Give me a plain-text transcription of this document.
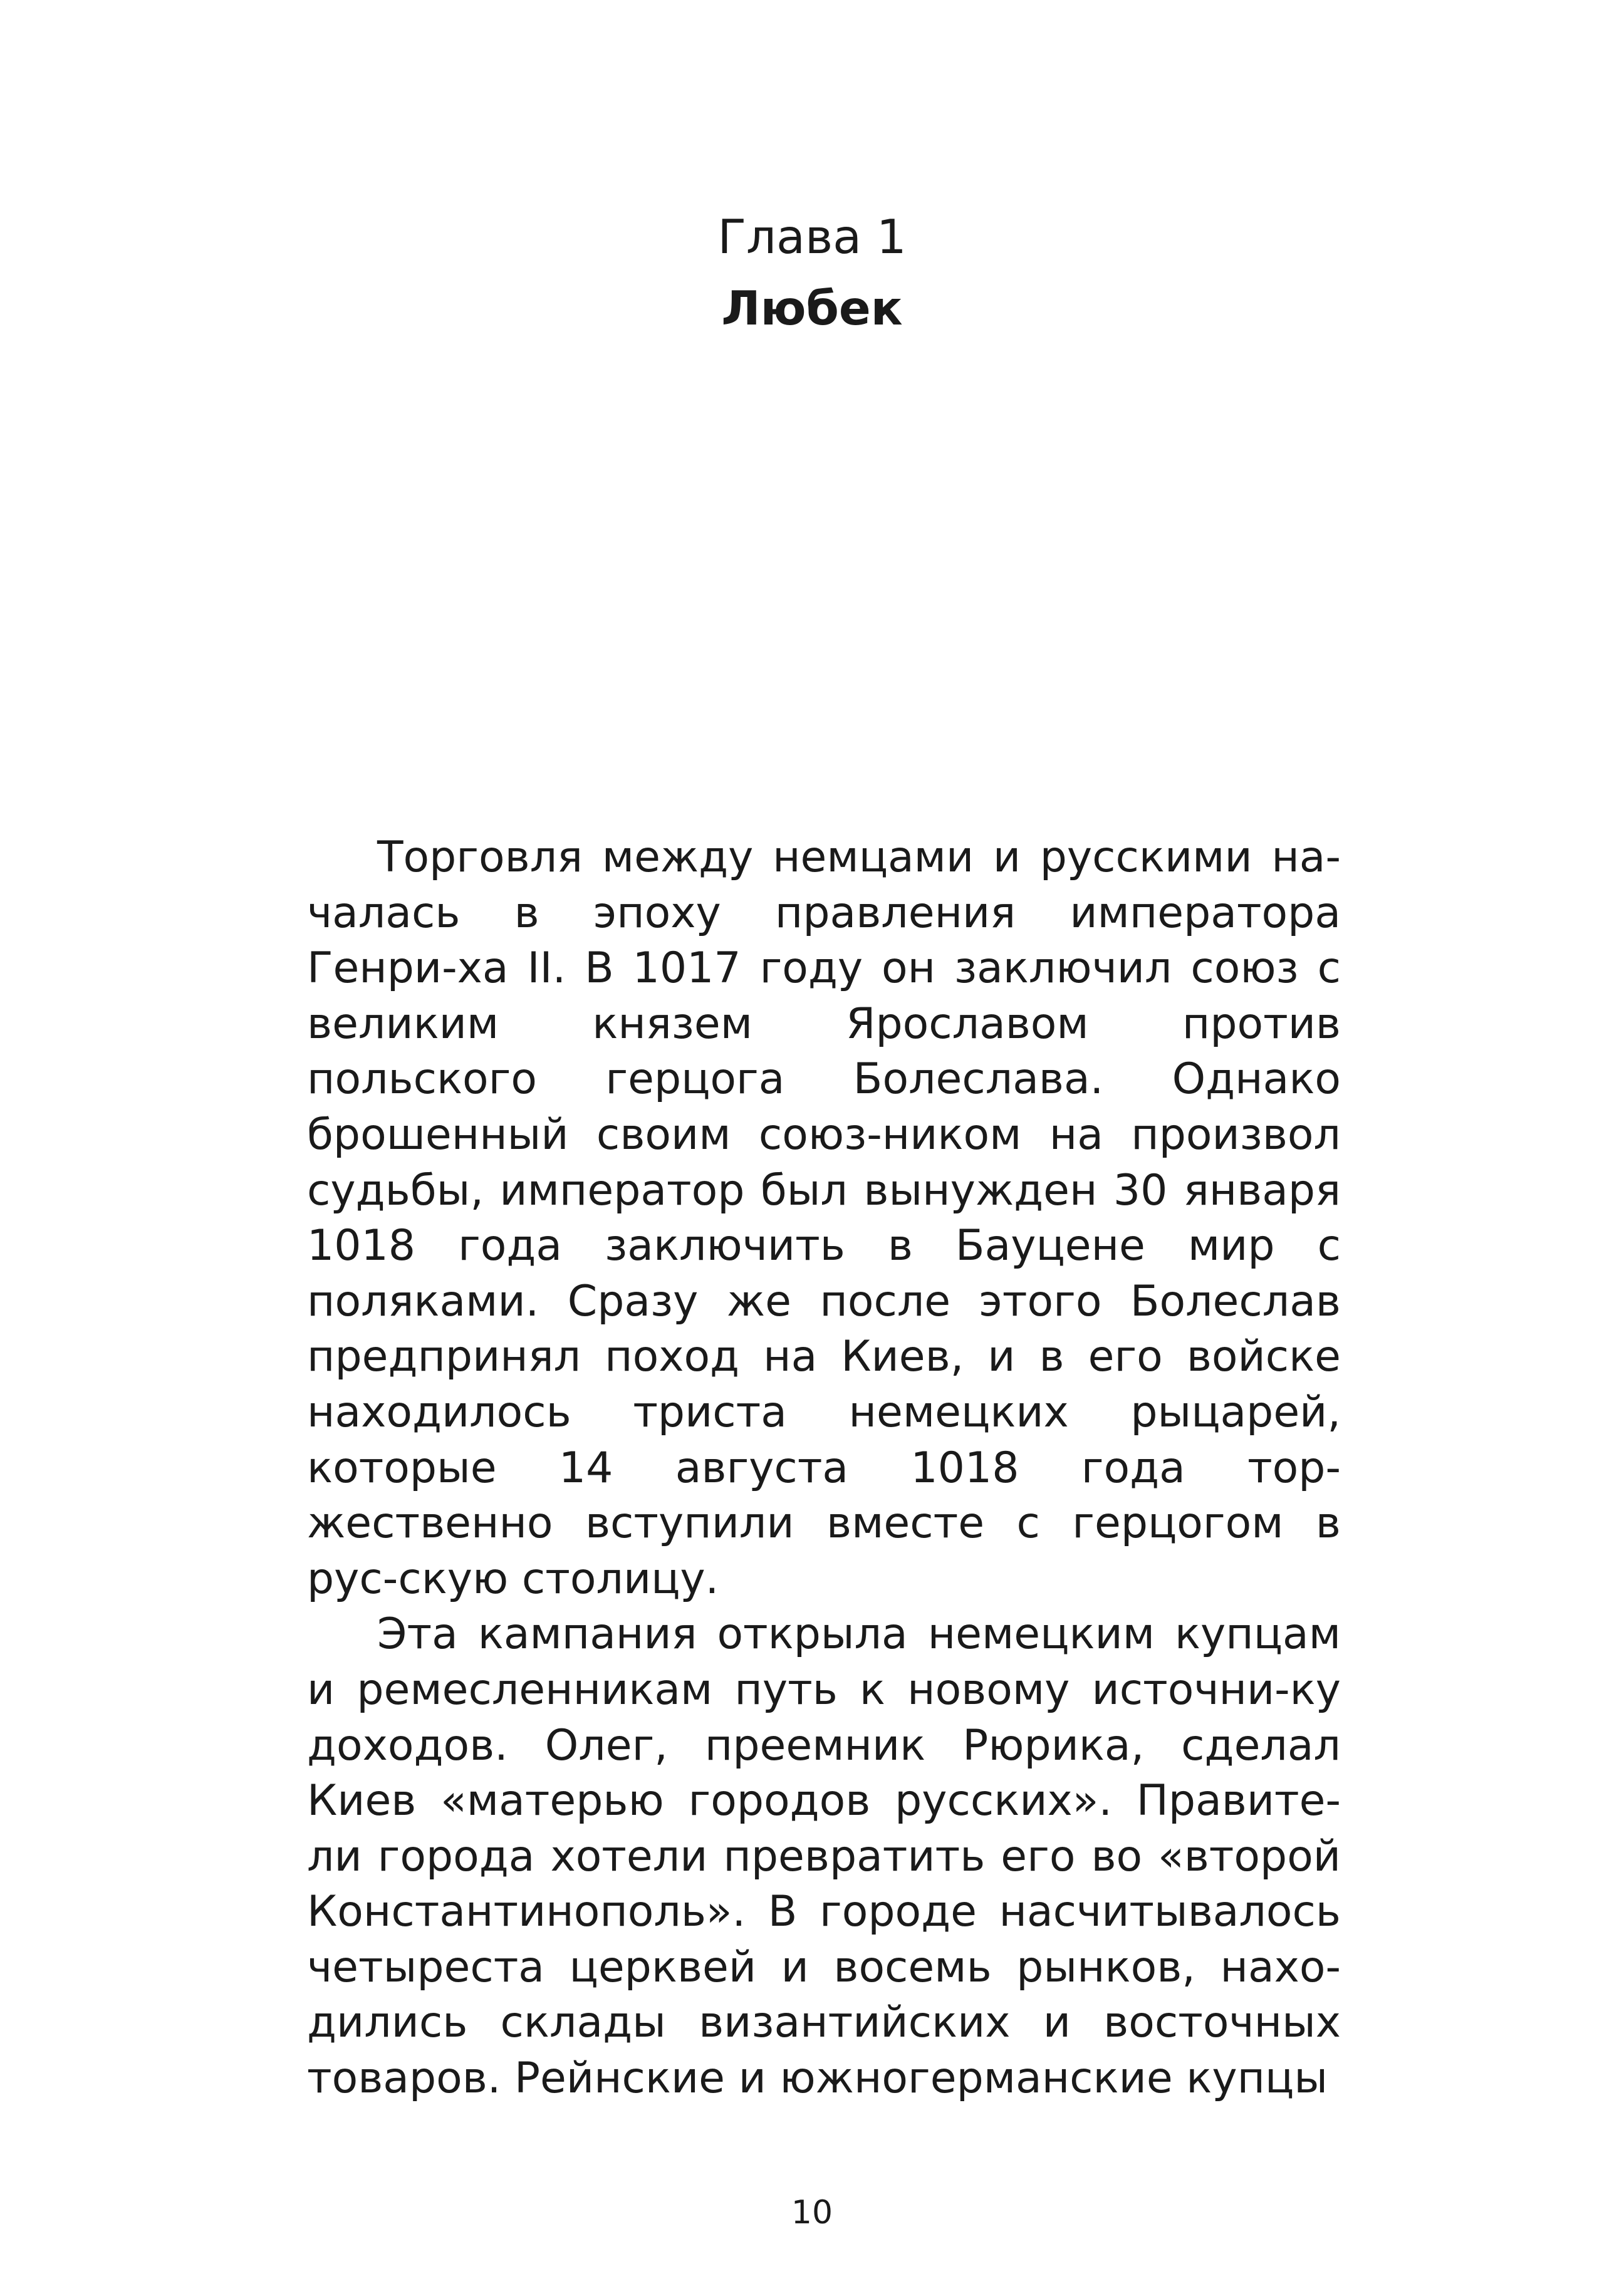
Глава 1
Любек

Торговля между немцами и русскими на-чалась в эпоху правления императора Генри-ха II. В 1017 году он заключил союз с великим князем Ярославом против польского герцога Болеслава. Однако брошенный своим союз-ником на произвол судьбы, император был вынужден 30 января 1018 года заключить в Бауцене мир с поляками. Сразу же после этого Болеслав предпринял поход на Киев, и в его войске находилось триста немецких рыцарей, которые 14 августа 1018 года тор-жественно вступили вместе с герцогом в рус-скую столицу.

Эта кампания открыла немецким купцам и ремесленникам путь к новому источни-ку доходов. Олег, преемник Рюрика, сделал Киев «матерью городов русских». Правите-ли города хотели превратить его во «второй Константинополь». В городе насчитывалось четыреста церквей и восемь рынков, нахо-дились склады византийских и восточных товаров. Рейнские и южногерманские купцы

10
